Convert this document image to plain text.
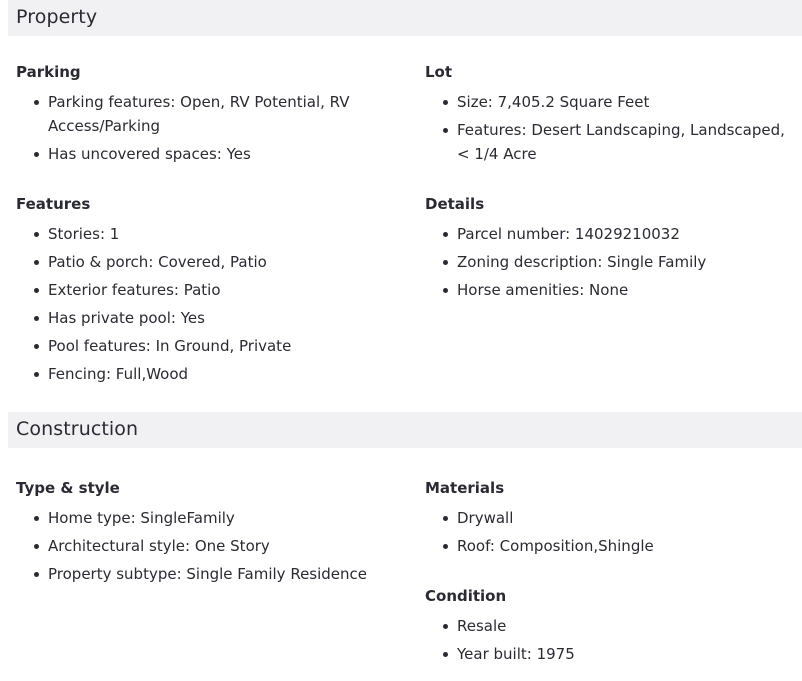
Property
Parking
Parking features: Open, RV Potential, RV Access/Parking
Has uncovered spaces: Yes
Lot
Size: 7,405.2 Square Feet
Features: Desert Landscaping, Landscaped, < 1/4 Acre
Features
Stories: 1
Patio & porch: Covered, Patio
Exterior features: Patio
Has private pool: Yes
Pool features: In Ground, Private
Fencing: Full,Wood
Details
Parcel number: 14029210032
Zoning description: Single Family
Horse amenities: None
Construction
Type & style
Home type: SingleFamily
Architectural style: One Story
Property subtype: Single Family Residence
Materials
Drywall
Roof: Composition,Shingle
Condition
Resale
Year built: 1975
